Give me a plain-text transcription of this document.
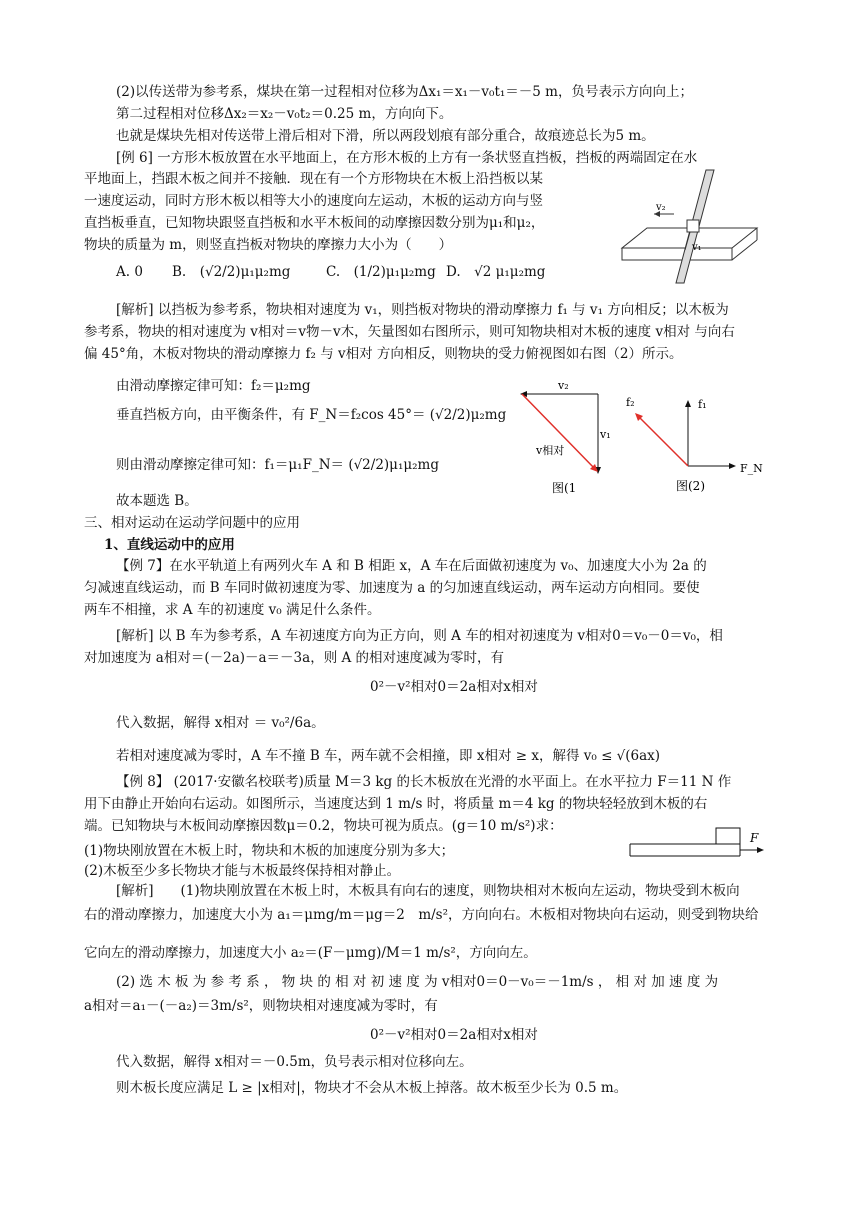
(2)以传送带为参考系，煤块在第一过程相对位移为Δx₁＝x₁－v₀t₁＝－5 m，负号表示方向向上；
第二过程相对位移Δx₂＝x₂－v₀t₂＝0.25 m，方向向下。
也就是煤块先相对传送带上滑后相对下滑，所以两段划痕有部分重合，故痕迹总长为5 m。
[例 6] 一方形木板放置在水平地面上，在方形木板的上方有一条状竖直挡板，挡板的两端固定在水
平地面上，挡跟木板之间并不接触．现在有一个方形物块在木板上沿挡板以某
一速度运动，同时方形木板以相等大小的速度向左运动，木板的运动方向与竖
直挡板垂直，已知物块跟竖直挡板和水平木板间的动摩擦因数分别为μ₁和μ₂，
物块的质量为 m，则竖直挡板对物块的摩擦力大小为（　　）
[解析] 以挡板为参考系，物块相对速度为 v₁，则挡板对物块的滑动摩擦力 f₁ 与 v₁ 方向相反；以木板为
参考系，物块的相对速度为 v相对＝v物－v木，矢量图如右图所示，则可知物块相对木板的速度 v相对 与向右
偏 45°角，木板对物块的滑动摩擦力 f₂ 与 v相对 方向相反，则物块的受力俯视图如右图（2）所示。
由滑动摩擦定律可知：f₂＝μ₂mg
垂直挡板方向，由平衡条件，有 F_N＝f₂cos 45°＝ (√2/2)μ₂mg
则由滑动摩擦定律可知：f₁＝μ₁F_N＝ (√2/2)μ₁μ₂mg
故本题选 B。
三、相对运动在运动学问题中的应用
1、直线运动中的应用
【例 7】在水平轨道上有两列火车 A 和 B 相距 x，A 车在后面做初速度为 v₀、加速度大小为 2a 的
匀减速直线运动，而 B 车同时做初速度为零、加速度为 a 的匀加速直线运动，两车运动方向相同。要使
两车不相撞，求 A 车的初速度 v₀ 满足什么条件。
[解析] 以 B 车为参考系，A 车初速度方向为正方向，则 A 车的相对初速度为 v相对0＝v₀－0＝v₀，相
对加速度为 a相对＝(－2a)－a＝－3a，则 A 的相对速度减为零时，有
0²－v²相对0＝2a相对x相对
代入数据，解得 x相对 ＝ v₀²/6a。
若相对速度减为零时，A 车不撞 B 车，两车就不会相撞，即 x相对 ≥ x，解得 v₀ ≤ √(6ax)
【例 8】 (2017·安徽名校联考)质量 M＝3 kg 的长木板放在光滑的水平面上。在水平拉力 F＝11 N 作
用下由静止开始向右运动。如图所示，当速度达到 1 m/s 时，将质量 m＝4 kg 的物块轻轻放到木板的右
端。已知物块与木板间动摩擦因数μ＝0.2，物块可视为质点。(g＝10 m/s²)求：
(1)物块刚放置在木板上时，物块和木板的加速度分别为多大；
(2)木板至少多长物块才能与木板最终保持相对静止。
[解析]　　(1)物块刚放置在木板上时，木板具有向右的速度，则物块相对木板向左运动，物块受到木板向
右的滑动摩擦力，加速度大小为 a₁＝μmg/m＝μg＝2　m/s²，方向向右。木板相对物块向右运动，则受到物块给
它向左的滑动摩擦力，加速度大小 a₂＝(F－μmg)/M＝1 m/s²，方向向左。
(2) 选 木 板 为 参 考 系 ， 物 块 的 相 对 初 速 度 为 v相对0＝0－v₀＝－1m/s ， 相 对 加 速 度 为
a相对＝a₁－(－a₂)＝3m/s²，则物块相对速度减为零时，有
0²－v²相对0＝2a相对x相对
代入数据，解得 x相对＝－0.5m，负号表示相对位移向左。
则木板长度应满足 L ≥ |x相对|，物块才不会从木板上掉落。故木板至少长为 0.5 m。
A. 0 B.　(√2/2)μ₁μ₂mg	C.　(1/2)μ₁μ₂mg D.　√2 μ₁μ₂mg
v₂
v₁
v₂
v₁
v相对
图(1
f₂	f₁
F_N
图(2)
F
